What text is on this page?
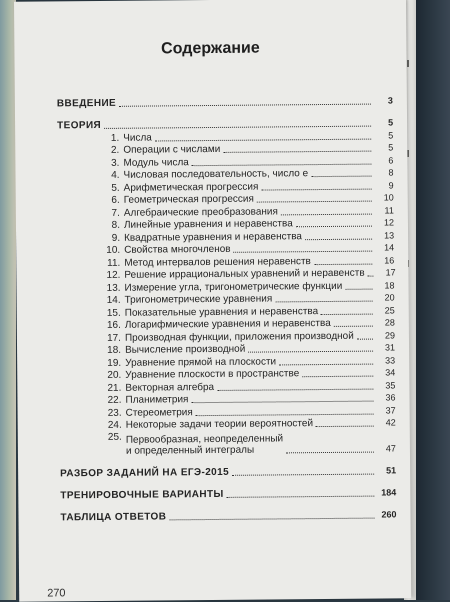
Содержание
ВВЕДЕНИЕ	3
ТЕОРИЯ	5
1. Числа	5
2. Операции с числами	5
3. Модуль числа	6
4. Числовая последовательность, число e	8
5. Арифметическая прогрессия	9
6. Геометрическая прогрессия	10
7. Алгебраические преобразования	11
8. Линейные уравнения и неравенства	12
9. Квадратные уравнения и неравенства	13
10. Свойства многочленов	14
11. Метод интервалов решения неравенств	16
12. Решение иррациональных уравнений и неравенств	17
13. Измерение угла, тригонометрические функции	18
14. Тригонометрические уравнения	20
15. Показательные уравнения и неравенства	25
16. Логарифмические уравнения и неравенства	28
17. Производная функции, приложения производной	29
18. Вычисление производной	31
19. Уравнение прямой на плоскости	33
20. Уравнение плоскости в пространстве	34
21. Векторная алгебра	35
22. Планиметрия	36
23. Стереометрия	37
24. Некоторые задачи теории вероятностей	42
25. Первообразная, неопределенный
и определенный интегралы	47
РАЗБОР ЗАДАНИЙ НА ЕГЭ-2015	51
ТРЕНИРОВОЧНЫЕ ВАРИАНТЫ	184
ТАБЛИЦА ОТВЕТОВ	260
270
